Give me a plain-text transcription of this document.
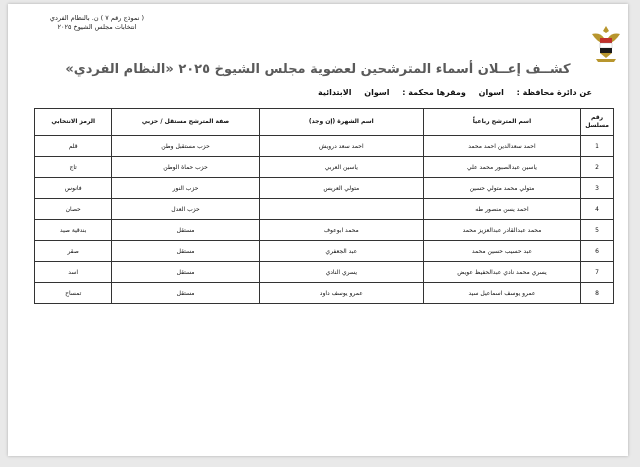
( نموذج رقم ٧ ) ن. بالنظام الفردي
انتخابات مجلس الشيوخ ٢٠٢٥
كشــف إعــلان أسماء المترشحين لعضوية مجلس الشيوخ ٢٠٢٥ «النظام الفردي»
عن دائرة محافظة : اسوان ومقرها محكمة : اسوان الابتدائية
رقم مسلسل	اسم المترشح رباعياً	اسم الشهرة (إن وجد)	صفة المترشح مستقل / حزبي	الرمز الانتخابي
1	احمد سعدالدين احمد محمد	احمد سعد درويش	حزب مستقبل وطن	قلم
2	ياسين عبدالصبور محمد علي	ياسين العربي	حزب حماة الوطن	تاج
3	متولي محمد متولي حسين	متولي العريس	حزب النور	فانوس
4	احمد يسن منصور طه		حزب العدل	حصان
5	محمد عبدالقادر عبدالعزيز محمد	محمد ابوعوف	مستقل	بندقية صيد
6	عبد حسيب حسين محمد	عبد الجعفري	مستقل	صقر
7	يسري محمد نادي عبدالحفيظ عويض	يسري النادي	مستقل	اسد
8	عمرو يوسف اسماعيل سيد	عمرو يوسف داود	مستقل	تمساح
